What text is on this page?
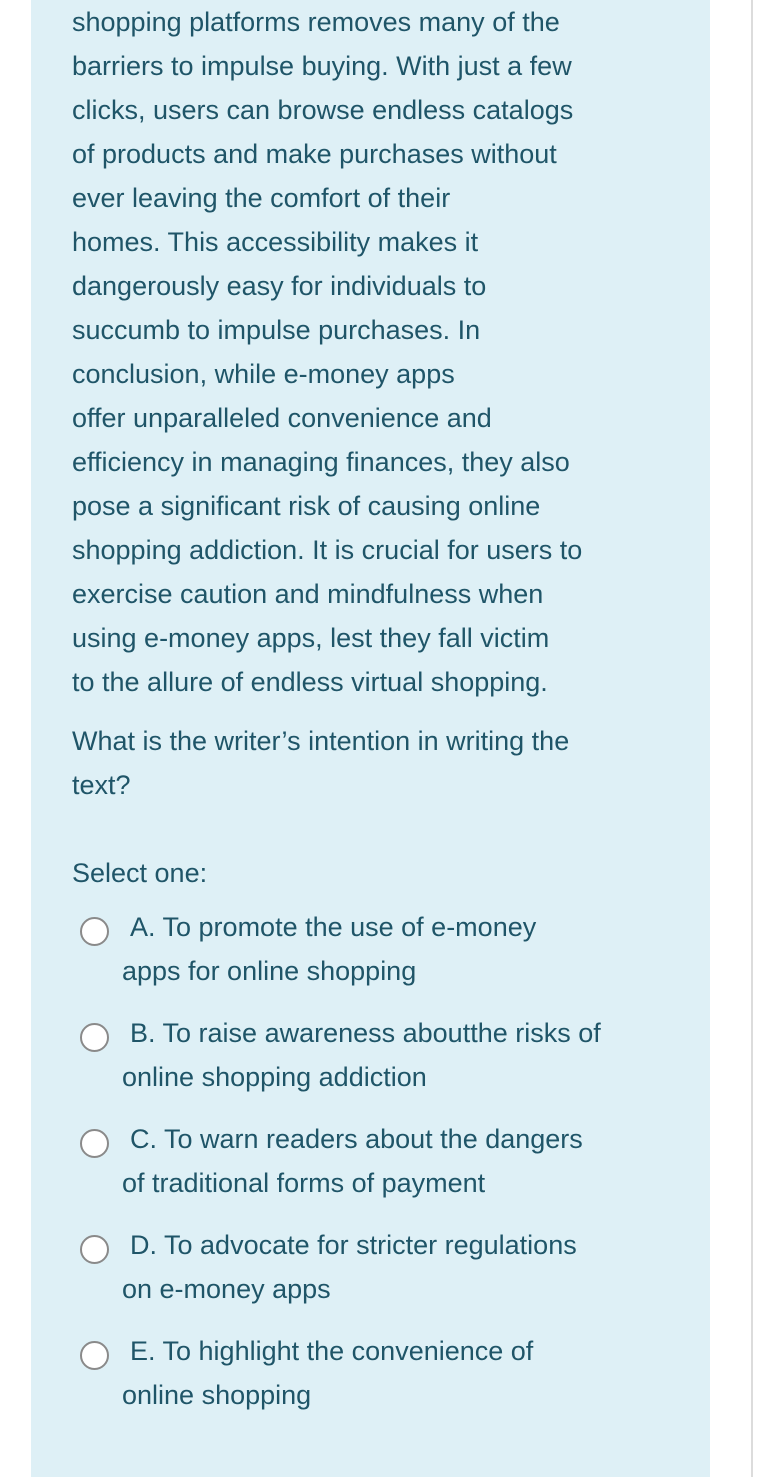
shopping platforms removes many of the
barriers to impulse buying. With just a few
clicks, users can browse endless catalogs
of products and make purchases without
ever leaving the comfort of their
homes. This accessibility makes it
dangerously easy for individuals to
succumb to impulse purchases. In
conclusion, while e-money apps
offer unparalleled convenience and
efficiency in managing finances, they also
pose a significant risk of causing online
shopping addiction. It is crucial for users to
exercise caution and mindfulness when
using e-money apps, lest they fall victim
to the allure of endless virtual shopping.
What is the writer’s intention in writing the
text?
Select one:
A. To promote the use of e-money
apps for online shopping
B. To raise awareness aboutthe risks of
online shopping addiction
C. To warn readers about the dangers
of traditional forms of payment
D. To advocate for stricter regulations
on e-money apps
E. To highlight the convenience of
online shopping
